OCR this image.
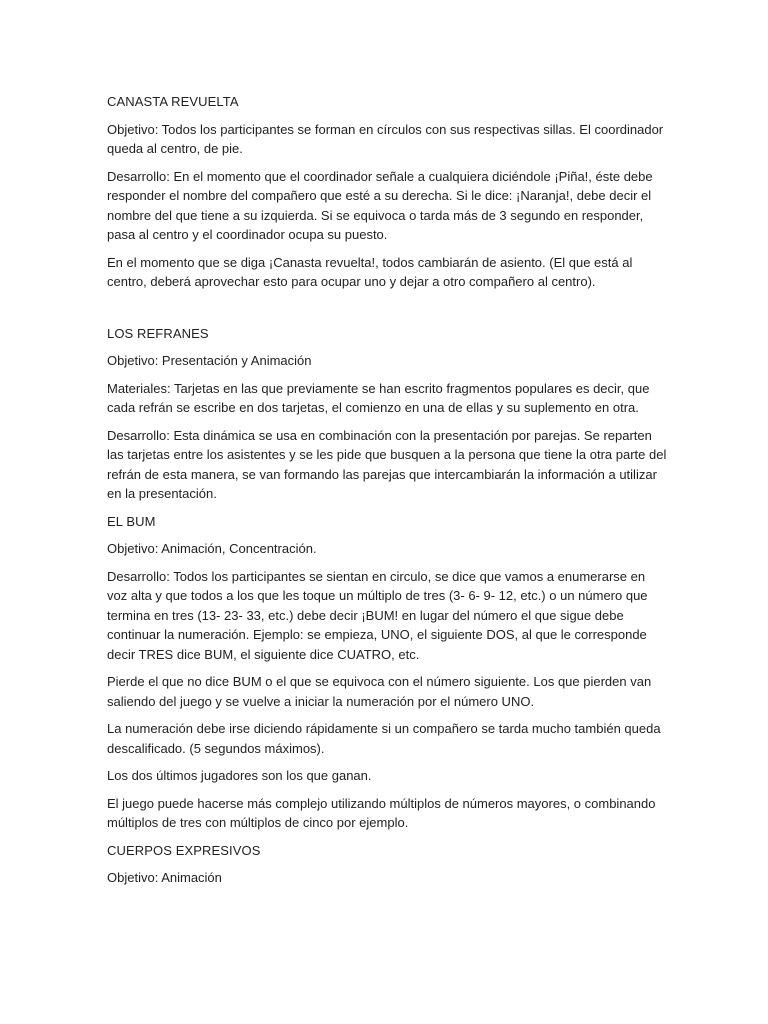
CANASTA REVUELTA

Objetivo: Todos los participantes se forman en círculos con sus respectivas sillas. El coordinador queda al centro, de pie.

Desarrollo: En el momento que el coordinador señale a cualquiera diciéndole ¡Piña!, éste debe responder el nombre del compañero que esté a su derecha. Si le dice: ¡Naranja!, debe decir el nombre del que tiene a su izquierda. Si se equivoca o tarda más de 3 segundo en responder, pasa al centro y el coordinador ocupa su puesto.

En el momento que se diga ¡Canasta revuelta!, todos cambiarán de asiento. (El que está al centro, deberá aprovechar esto para ocupar uno y dejar a otro compañero al centro).

LOS REFRANES

Objetivo: Presentación y Animación

Materiales: Tarjetas en las que previamente se han escrito fragmentos populares es decir, que cada refrán se escribe en dos tarjetas, el comienzo en una de ellas y su suplemento en otra.

Desarrollo: Esta dinámica se usa en combinación con la presentación por parejas. Se reparten las tarjetas entre los asistentes y se les pide que busquen a la persona que tiene la otra parte del refrán de esta manera, se van formando las parejas que intercambiarán la información a utilizar en la presentación.

EL BUM

Objetivo: Animación, Concentración.

Desarrollo: Todos los participantes se sientan en circulo, se dice que vamos a enumerarse en voz alta y que todos a los que les toque un múltiplo de tres (3- 6- 9- 12, etc.) o un número que termina en tres (13- 23- 33, etc.) debe decir ¡BUM! en lugar del número el que sigue debe continuar la numeración. Ejemplo: se empieza, UNO, el siguiente DOS, al que le corresponde decir TRES dice BUM, el siguiente dice CUATRO, etc.

Pierde el que no dice BUM o el que se equivoca con el número siguiente. Los que pierden van saliendo del juego y se vuelve a iniciar la numeración por el número UNO.

La numeración debe irse diciendo rápidamente si un compañero se tarda mucho también queda descalificado. (5 segundos máximos).

Los dos últimos jugadores son los que ganan.

El juego puede hacerse más complejo utilizando múltiplos de números mayores, o combinando múltiplos de tres con múltiplos de cinco por ejemplo.

CUERPOS EXPRESIVOS

Objetivo: Animación
